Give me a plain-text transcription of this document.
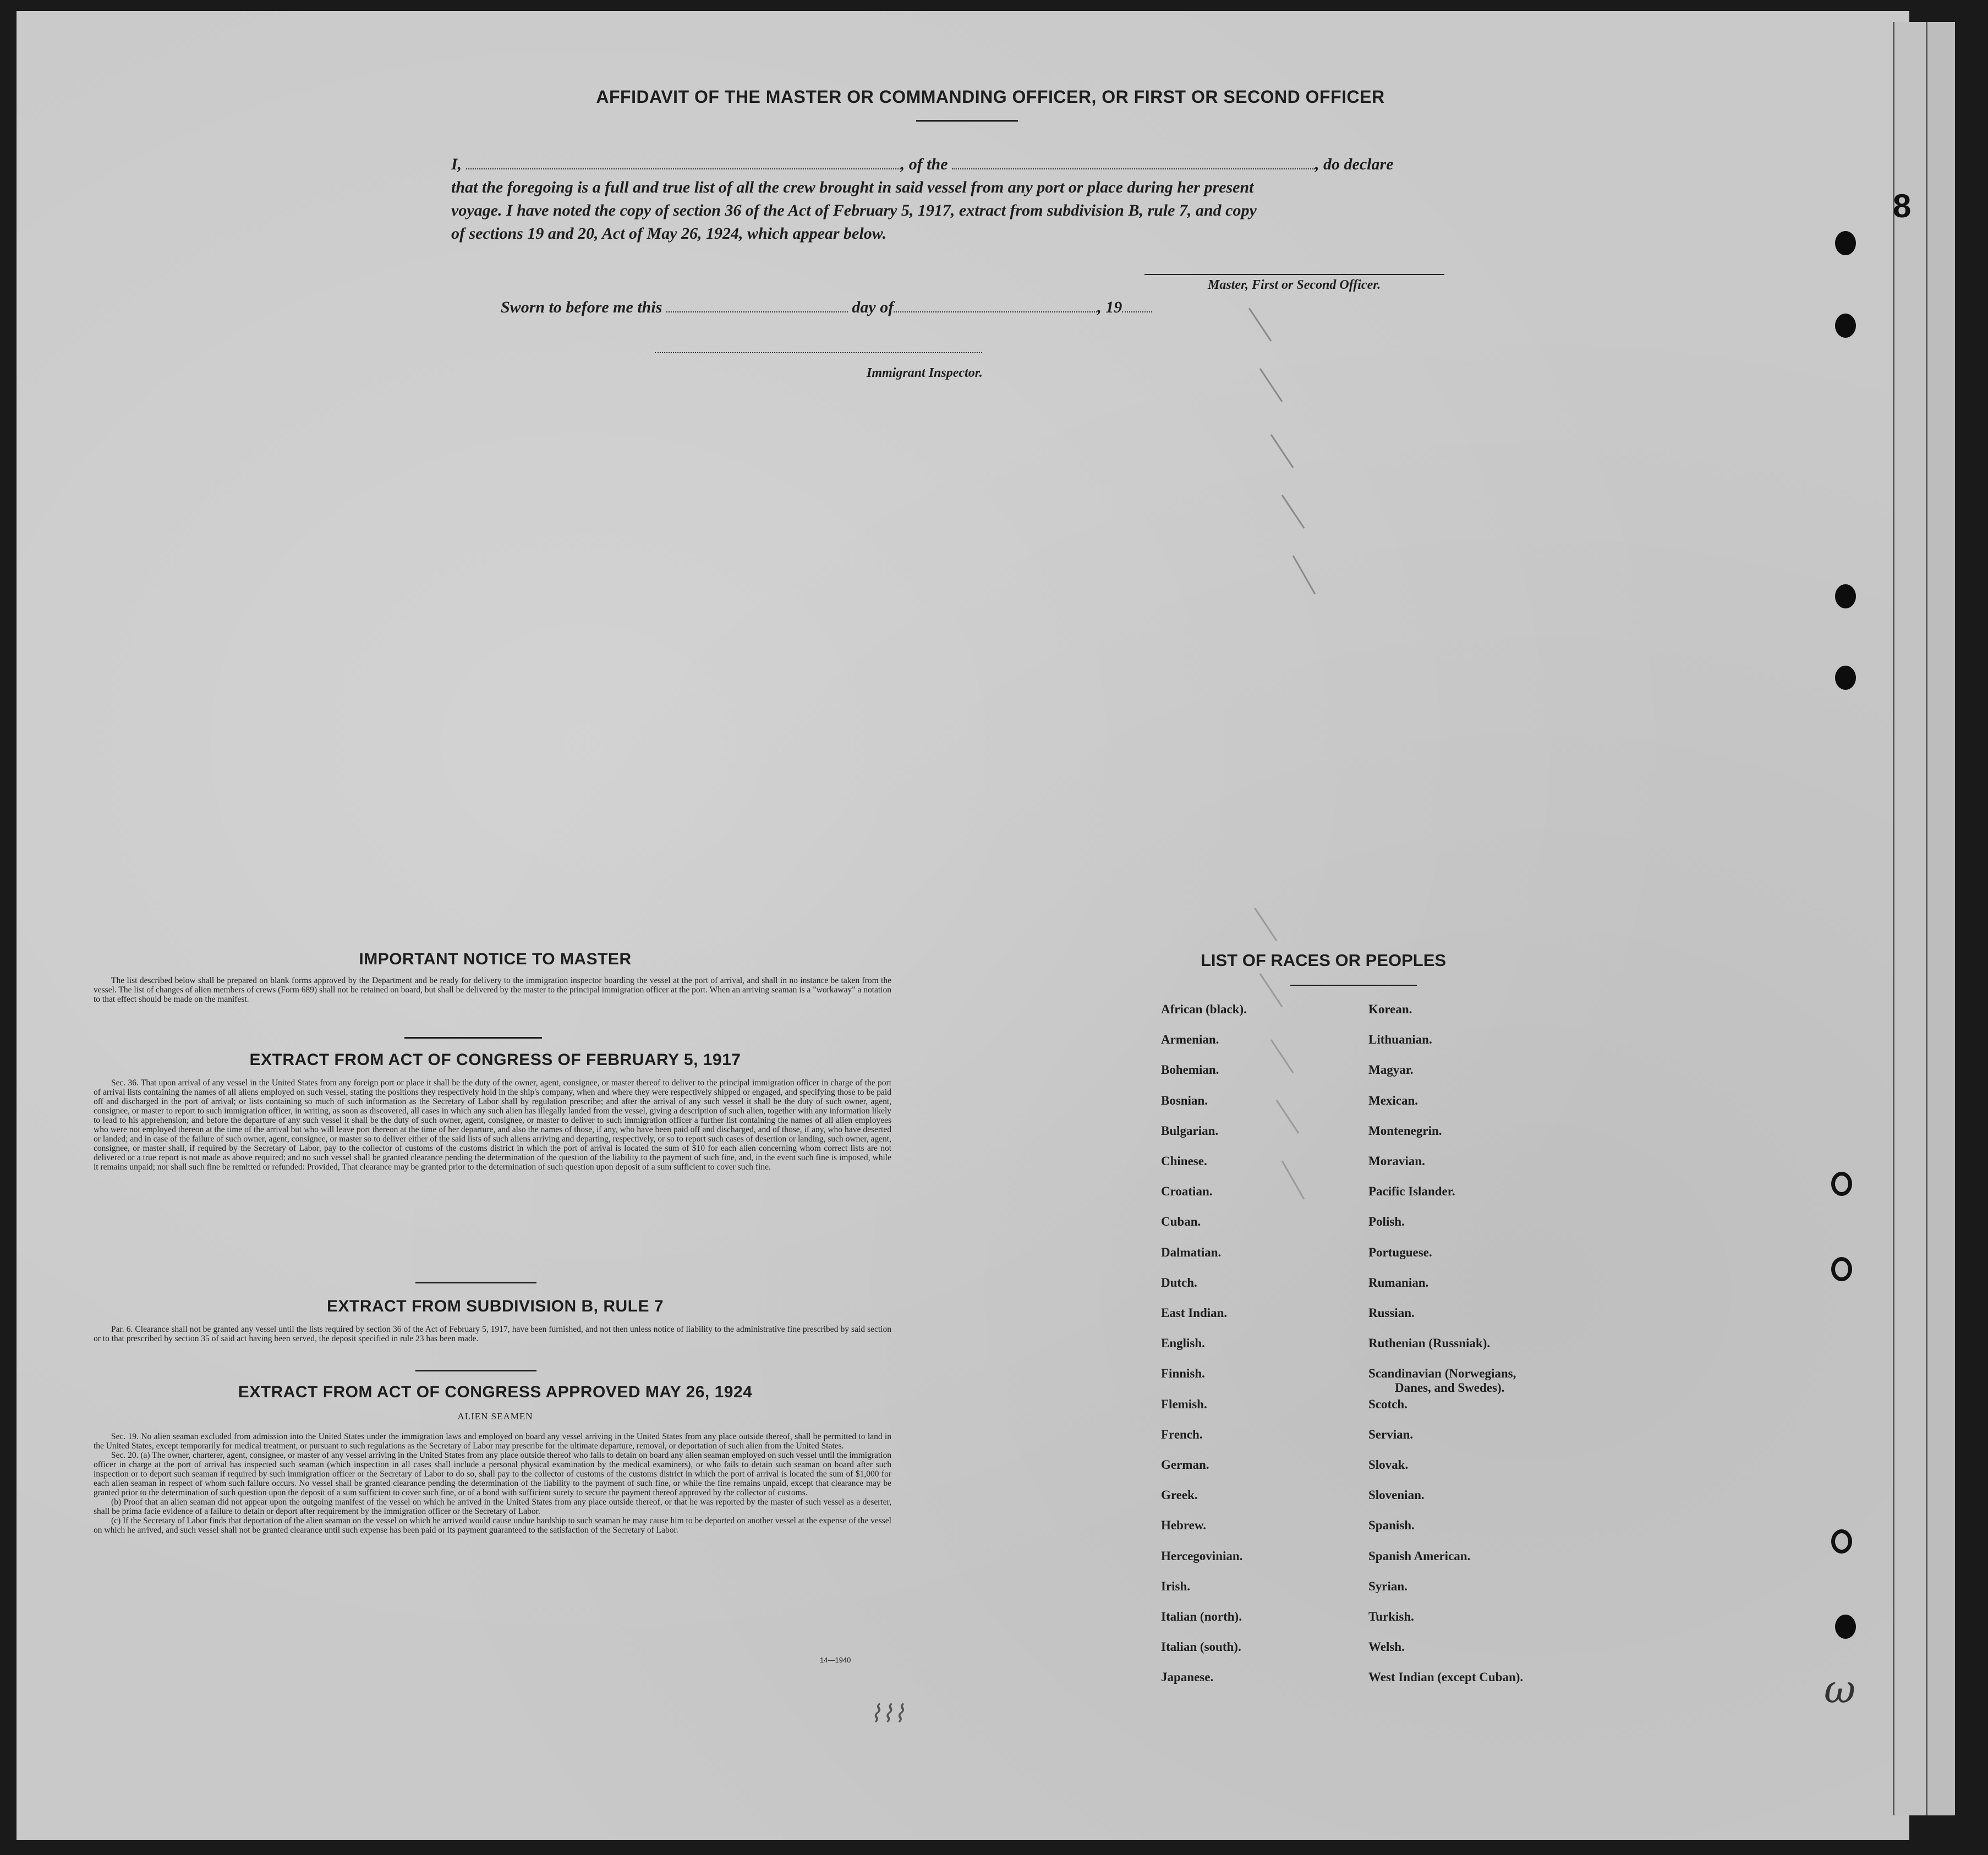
8
AFFIDAVIT OF THE MASTER OR COMMANDING OFFICER, OR FIRST OR SECOND OFFICER
I,	, of the	, do declare
that the foregoing is a full and true list of all the crew brought in said vessel from any port or place during her present
voyage. I have noted the copy of section 36 of the Act of February 5, 1917, extract from subdivision B, rule 7, and copy
of sections 19 and 20, Act of May 26, 1924, which appear below.
Master, First or Second Officer.
Sworn to before me this	day of	, 19
Immigrant Inspector.
IMPORTANT NOTICE TO MASTER

The list described below shall be prepared on blank forms approved by the Department and be ready for delivery to the immigration inspector boarding the vessel at the port of arrival, and shall in no instance be taken from the vessel. The list of changes of alien members of crews (Form 689) shall not be retained on board, but shall be delivered by the master to the principal immigration officer at the port. When an arriving seaman is a "workaway" a notation to that effect should be made on the manifest.

EXTRACT FROM ACT OF CONGRESS OF FEBRUARY 5, 1917

Sec. 36. That upon arrival of any vessel in the United States from any foreign port or place it shall be the duty of the owner, agent, consignee, or master thereof to deliver to the principal immigration officer in charge of the port of arrival lists containing the names of all aliens employed on such vessel, stating the positions they respectively hold in the ship's company, when and where they were respectively shipped or engaged, and specifying those to be paid off and discharged in the port of arrival; or lists containing so much of such information as the Secretary of Labor shall by regulation prescribe; and after the arrival of any such vessel it shall be the duty of such owner, agent, consignee, or master to report to such immigration officer, in writing, as soon as discovered, all cases in which any such alien has illegally landed from the vessel, giving a description of such alien, together with any information likely to lead to his apprehension; and before the departure of any such vessel it shall be the duty of such owner, agent, consignee, or master to deliver to such immigration officer a further list containing the names of all alien employees who were not employed thereon at the time of the arrival but who will leave port thereon at the time of her departure, and also the names of those, if any, who have been paid off and discharged, and of those, if any, who have deserted or landed; and in case of the failure of such owner, agent, consignee, or master so to deliver either of the said lists of such aliens arriving and departing, respectively, or so to report such cases of desertion or landing, such owner, agent, consignee, or master shall, if required by the Secretary of Labor, pay to the collector of customs of the customs district in which the port of arrival is located the sum of $10 for each alien concerning whom correct lists are not delivered or a true report is not made as above required; and no such vessel shall be granted clearance pending the determination of the question of the liability to the payment of such fine, and, in the event such fine is imposed, while it remains unpaid; nor shall such fine be remitted or refunded: Provided, That clearance may be granted prior to the determination of such question upon deposit of a sum sufficient to cover such fine.

EXTRACT FROM SUBDIVISION B, RULE 7

Par. 6. Clearance shall not be granted any vessel until the lists required by section 36 of the Act of February 5, 1917, have been furnished, and not then unless notice of liability to the administrative fine prescribed by said section or to that prescribed by section 35 of said act having been served, the deposit specified in rule 23 has been made.

EXTRACT FROM ACT OF CONGRESS APPROVED MAY 26, 1924
ALIEN SEAMEN

Sec. 19. No alien seaman excluded from admission into the United States under the immigration laws and employed on board any vessel arriving in the United States from any place outside thereof, shall be permitted to land in the United States, except temporarily for medical treatment, or pursuant to such regulations as the Secretary of Labor may prescribe for the ultimate departure, removal, or deportation of such alien from the United States.

Sec. 20. (a) The owner, charterer, agent, consignee, or master of any vessel arriving in the United States from any place outside thereof who fails to detain on board any alien seaman employed on such vessel until the immigration officer in charge at the port of arrival has inspected such seaman (which inspection in all cases shall include a personal physical examination by the medical examiners), or who fails to detain such seaman on board after such inspection or to deport such seaman if required by such immigration officer or the Secretary of Labor to do so, shall pay to the collector of customs of the customs district in which the port of arrival is located the sum of $1,000 for each alien seaman in respect of whom such failure occurs. No vessel shall be granted clearance pending the determination of the liability to the payment of such fine, or while the fine remains unpaid, except that clearance may be granted prior to the determination of such question upon the deposit of a sum sufficient to cover such fine, or of a bond with sufficient surety to secure the payment thereof approved by the collector of customs.

(b) Proof that an alien seaman did not appear upon the outgoing manifest of the vessel on which he arrived in the United States from any place outside thereof, or that he was reported by the master of such vessel as a deserter, shall be prima facie evidence of a failure to detain or deport after requirement by the immigration officer or the Secretary of Labor.

(c) If the Secretary of Labor finds that deportation of the alien seaman on the vessel on which he arrived would cause undue hardship to such seaman he may cause him to be deported on another vessel at the expense of the vessel on which he arrived, and such vessel shall not be granted clearance until such expense has been paid or its payment guaranteed to the satisfaction of the Secretary of Labor.

14—1940
⌇⌇⌇
ω
LIST OF RACES OR PEOPLES
African (black).
Armenian.
Bohemian.
Bosnian.
Bulgarian.
Chinese.
Croatian.
Cuban.
Dalmatian.
Dutch.
East Indian.
English.
Finnish.
Flemish.
French.
German.
Greek.
Hebrew.
Hercegovinian.
Irish.
Italian (north).
Italian (south).
Japanese.
Korean.
Lithuanian.
Magyar.
Mexican.
Montenegrin.
Moravian.
Pacific Islander.
Polish.
Portuguese.
Rumanian.
Russian.
Ruthenian (Russniak).
Scandinavian (Norwegians,
Scotch.
Servian.
Slovak.
Slovenian.
Spanish.
Spanish American.
Syrian.
Turkish.
Welsh.
West Indian (except Cuban).
Danes, and Swedes).
